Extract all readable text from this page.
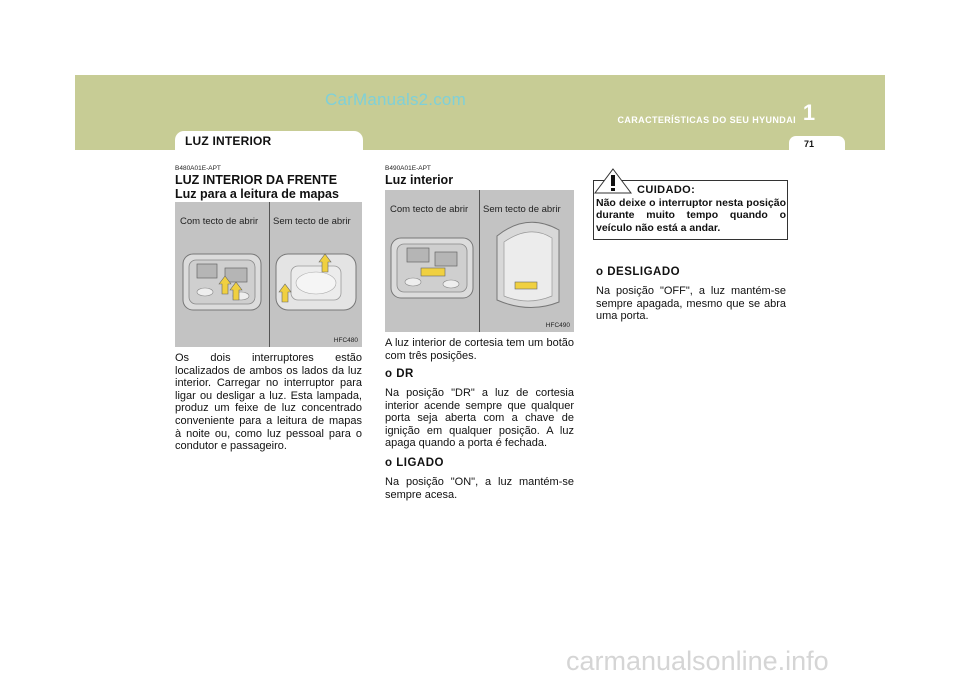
CarManuals2.com
1
CARACTERÍSTICAS DO SEU HYUNDAI
71
LUZ INTERIOR
B480A01E-APT
LUZ INTERIOR DA FRENTE
Luz para a leitura de mapas
Com tecto de abrir Sem tecto de abrir
HFC480
Os dois interruptores estão localizados de ambos os lados da luz interior. Carregar no interruptor para ligar ou desligar a luz. Esta lampada, produz um feixe de luz concentrado conveniente para a leitura de mapas à noite ou, como luz pessoal para o condutor e passageiro.
B490A01E-APT
Luz interior
Com tecto de abrir Sem tecto de abrir
HFC490
A luz interior de cortesia tem um botão com três posições.
o DR
Na posição "DR" a luz de cortesia interior acende sempre que qualquer porta seja aberta com a chave de ignição em qualquer posição. A luz apaga quando a porta é fechada.
o LIGADO
Na posição "ON", a luz mantém-se sempre acesa.
CUIDADO:
Não deixe o interruptor nesta posição durante muito tempo quando o veículo não está a andar.
o DESLIGADO
Na posição "OFF", a luz mantém-se sempre apagada, mesmo que se abra uma porta.
carmanualsonline.info
